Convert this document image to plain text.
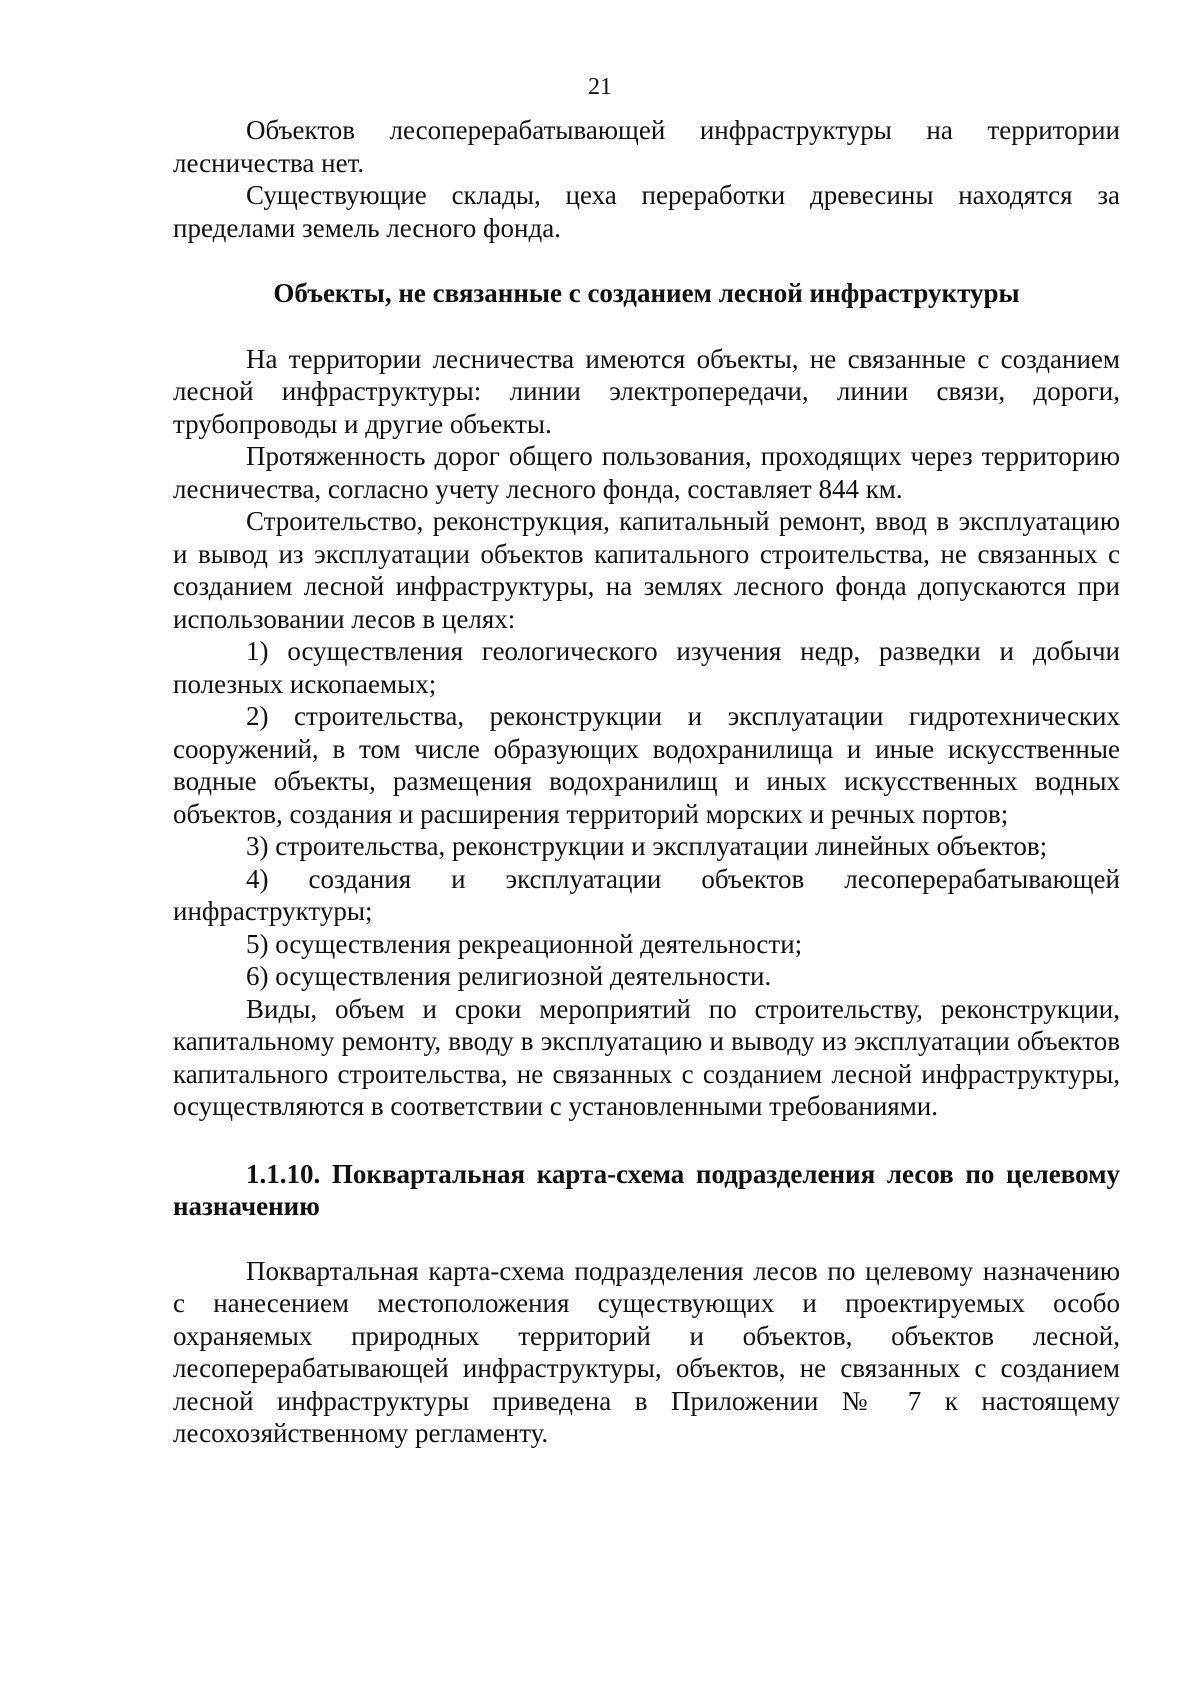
21

Объектов лесоперерабатывающей инфраструктуры на территории лесничества нет.

Существующие склады, цеха переработки древесины находятся за пределами земель лесного фонда.

Объекты, не связанные с созданием лесной инфраструктуры

На территории лесничества имеются объекты, не связанные с созданием лесной инфраструктуры: линии электропередачи, линии связи, дороги, трубопроводы и другие объекты.

Протяженность дорог общего пользования, проходящих через территорию лесничества, согласно учету лесного фонда, составляет 844 км.

Строительство, реконструкция, капитальный ремонт, ввод в эксплуатацию и вывод из эксплуатации объектов капитального строительства, не связанных с созданием лесной инфраструктуры, на землях лесного фонда допускаются при использовании лесов в целях:

1) осуществления геологического изучения недр, разведки и добычи полезных ископаемых;

2) строительства, реконструкции и эксплуатации гидротехнических сооружений, в том числе образующих водохранилища и иные искусственные водные объекты, размещения водохранилищ и иных искусственных водных объектов, создания и расширения территорий морских и речных портов;

3) строительства, реконструкции и эксплуатации линейных объектов;

4) создания и эксплуатации объектов лесоперерабатывающей инфраструктуры;

5) осуществления рекреационной деятельности;

6) осуществления религиозной деятельности.

Виды, объем и сроки мероприятий по строительству, реконструкции, капитальному ремонту, вводу в эксплуатацию и выводу из эксплуатации объектов капитального строительства, не связанных с созданием лесной инфраструктуры, осуществляются в соответствии с установленными требованиями.

1.1.10. Поквартальная карта-схема подразделения лесов по целевому назначению

Поквартальная карта-схема подразделения лесов по целевому назначению с нанесением местоположения существующих и проектируемых особо охраняемых природных территорий и объектов, объектов лесной, лесоперерабатывающей инфраструктуры, объектов, не связанных с созданием лесной инфраструктуры приведена в Приложении № 7 к настоящему лесохозяйственному регламенту.
